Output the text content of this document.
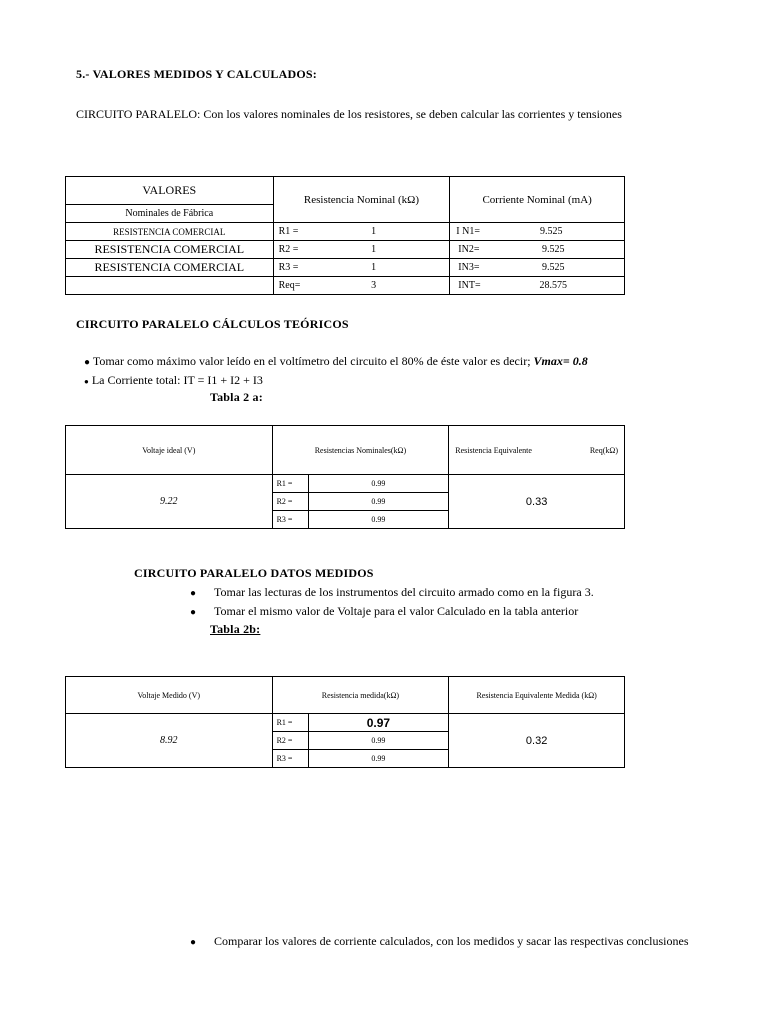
5.- VALORES MEDIDOS Y CALCULADOS:
CIRCUITO PARALELO: Con los valores nominales de los resistores, se deben calcular las corrientes y tensiones
VALORES	Resistencia Nominal (kΩ)	Corriente Nominal (mA)
Nominales de Fábrica		
RESISTENCIA COMERCIAL	R1 = 1	I N1= 9.525
RESISTENCIA COMERCIAL	R2 = 1	IN2= 9.525
RESISTENCIA COMERCIAL	R3 = 1	IN3= 9.525
	Req= 3	INT= 28.575
CIRCUITO PARALELO CÁLCULOS TEÓRICOS
● Tomar como máximo valor leído en el voltímetro del circuito el 80% de éste valor es decir; Vmax= 0.8
● La Corriente total: IT = I1 + I2 + I3
Tabla 2 a:
Voltaje ideal (V)	Resistencias Nominales(kΩ)		Resistencia Equivalente Req(kΩ)

9.22	R1 =	0.99	0.33
	R2 =	0.99	
	R3 =	0.99	
CIRCUITO PARALELO DATOS MEDIDOS
● Tomar las lecturas de los instrumentos del circuito armado como en la figura 3.
● Tomar el mismo valor de Voltaje para el valor Calculado en la tabla anterior
Tabla 2b:
Voltaje Medido (V)	Resistencia medida(kΩ)		Resistencia Equivalente Medida (kΩ)
8.92	R1 =	0.97	0.32
	R2 =	0.99	
	R3 =	0.99	
● Comparar los valores de corriente calculados, con los medidos y sacar las respectivas conclusiones
